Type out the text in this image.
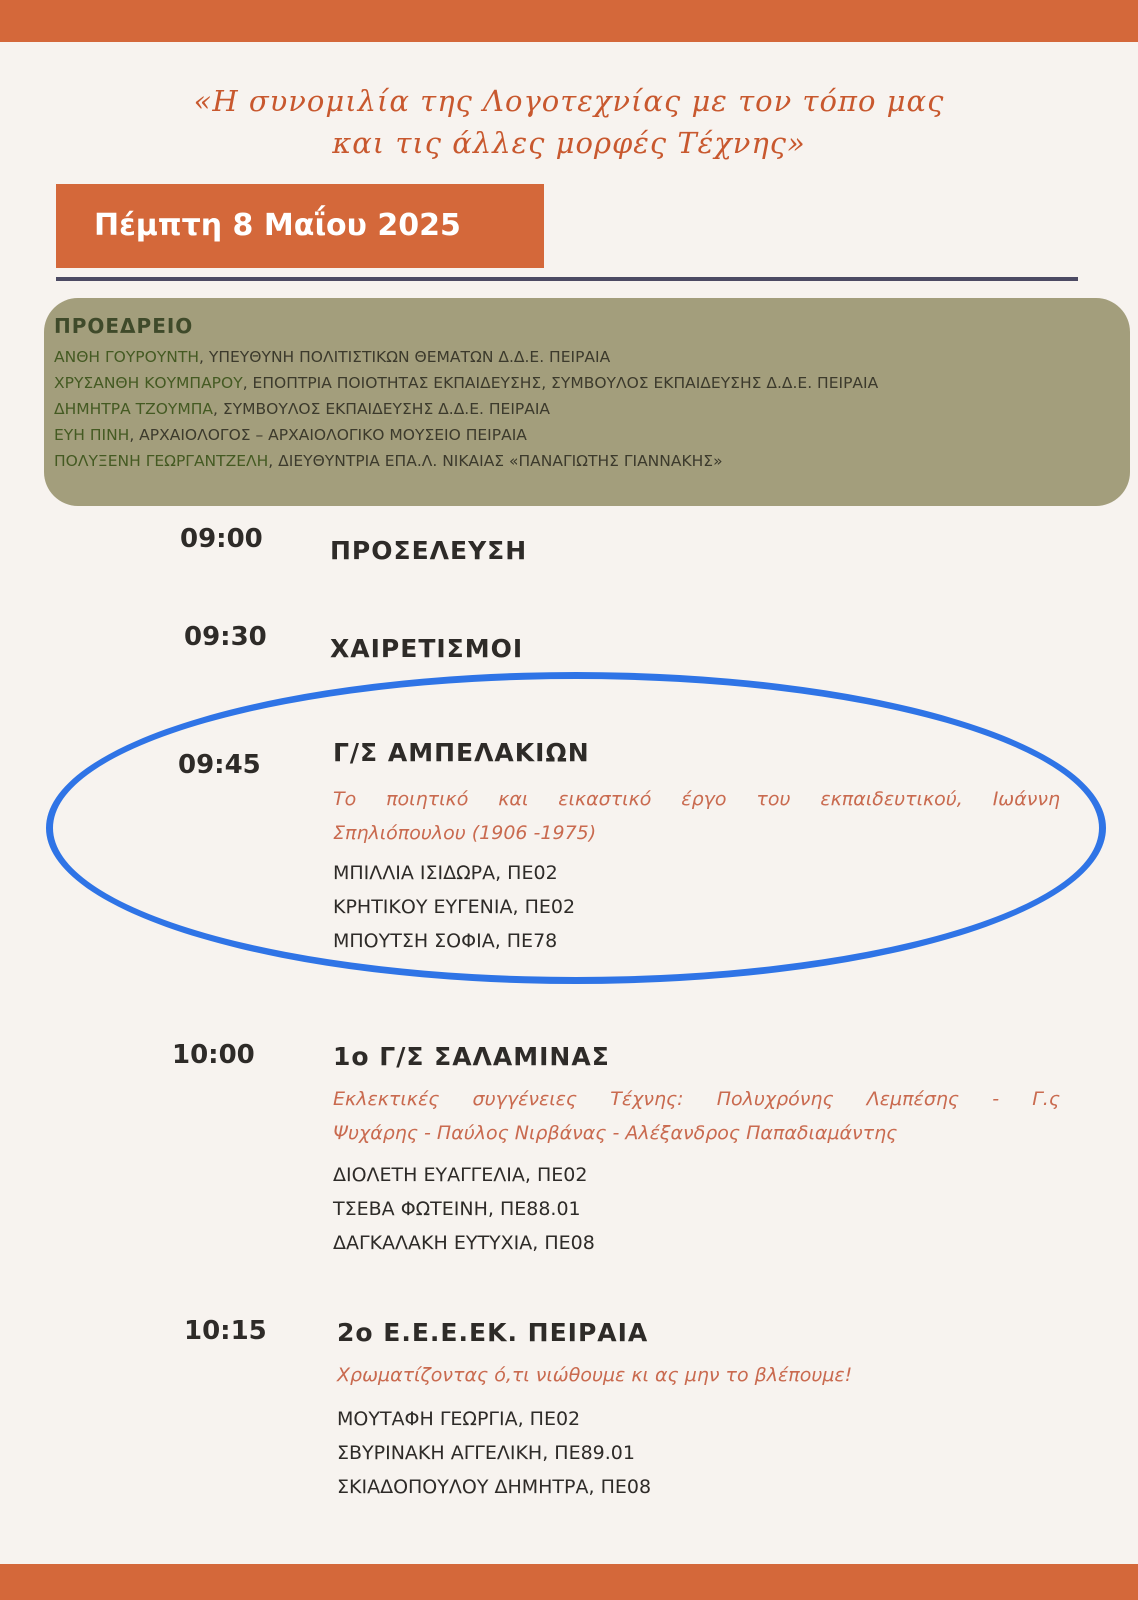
«Η συνομιλία της Λογοτεχνίας με τον τόπο μας
και τις άλλες μορφές Τέχνης»
Πέμπτη 8 Μαΐου 2025
ΠΡΟΕΔΡΕΙΟ
ΑΝΘΗ ΓΟΥΡΟΥΝΤΗ, ΥΠΕΥΘΥΝΗ ΠΟΛΙΤΙΣΤΙΚΩΝ ΘΕΜΑΤΩΝ Δ.Δ.Ε. ΠΕΙΡΑΙΑ
ΧΡΥΣΑΝΘΗ ΚΟΥΜΠΑΡΟΥ, ΕΠΟΠΤΡΙΑ ΠΟΙΟΤΗΤΑΣ ΕΚΠΑΙΔΕΥΣΗΣ, ΣΥΜΒΟΥΛΟΣ ΕΚΠΑΙΔΕΥΣΗΣ Δ.Δ.Ε. ΠΕΙΡΑΙΑ
ΔΗΜΗΤΡΑ ΤΖΟΥΜΠΑ, ΣΥΜΒΟΥΛΟΣ ΕΚΠΑΙΔΕΥΣΗΣ Δ.Δ.Ε. ΠΕΙΡΑΙΑ
ΕΥΗ ΠΙΝΗ, ΑΡΧΑΙΟΛΟΓΟΣ – ΑΡΧΑΙΟΛΟΓΙΚΟ ΜΟΥΣΕΙΟ ΠΕΙΡΑΙΑ
ΠΟΛΥΞΕΝΗ ΓΕΩΡΓΑΝΤΖΕΛΗ, ΔΙΕΥΘΥΝΤΡΙΑ ΕΠΑ.Λ. ΝΙΚΑΙΑΣ «ΠΑΝΑΓΙΩΤΗΣ ΓΙΑΝΝΑΚΗΣ»
09:00	ΠΡΟΣΕΛΕΥΣΗ
09:30	ΧΑΙΡΕΤΙΣΜΟΙ
09:45	Γ/Σ ΑΜΠΕΛΑΚΙΩΝ
Το ποιητικό και εικαστικό έργο του εκπαιδευτικού, Ιωάννη
Σπηλιόπουλου (1906 -1975)
ΜΠΙΛΛΙΑ ΙΣΙΔΩΡΑ, ΠΕ02
ΚΡΗΤΙΚΟΥ ΕΥΓΕΝΙΑ, ΠΕ02
ΜΠΟΥΤΣΗ ΣΟΦΙΑ, ΠΕ78
10:00	1ο Γ/Σ ΣΑΛΑΜΙΝΑΣ
Εκλεκτικές συγγένειες Τέχνης: Πολυχρόνης Λεμπέσης - Γ.ς
Ψυχάρης - Παύλος Νιρβάνας - Αλέξανδρος Παπαδιαμάντης
ΔΙΟΛΕΤΗ ΕΥΑΓΓΕΛΙΑ, ΠΕ02
ΤΣΕΒΑ ΦΩΤΕΙΝΗ, ΠΕ88.01
ΔΑΓΚΑΛΑΚΗ ΕΥΤΥΧΙΑ, ΠΕ08
10:15	2ο Ε.Ε.Ε.ΕΚ. ΠΕΙΡΑΙΑ
Χρωματίζοντας ό,τι νιώθουμε κι ας μην το βλέπουμε!
ΜΟΥΤΑΦΗ ΓΕΩΡΓΙΑ, ΠΕ02
ΣΒΥΡΙΝΑΚΗ ΑΓΓΕΛΙΚΗ, ΠΕ89.01
ΣΚΙΑΔΟΠΟΥΛΟΥ ΔΗΜΗΤΡΑ, ΠΕ08
